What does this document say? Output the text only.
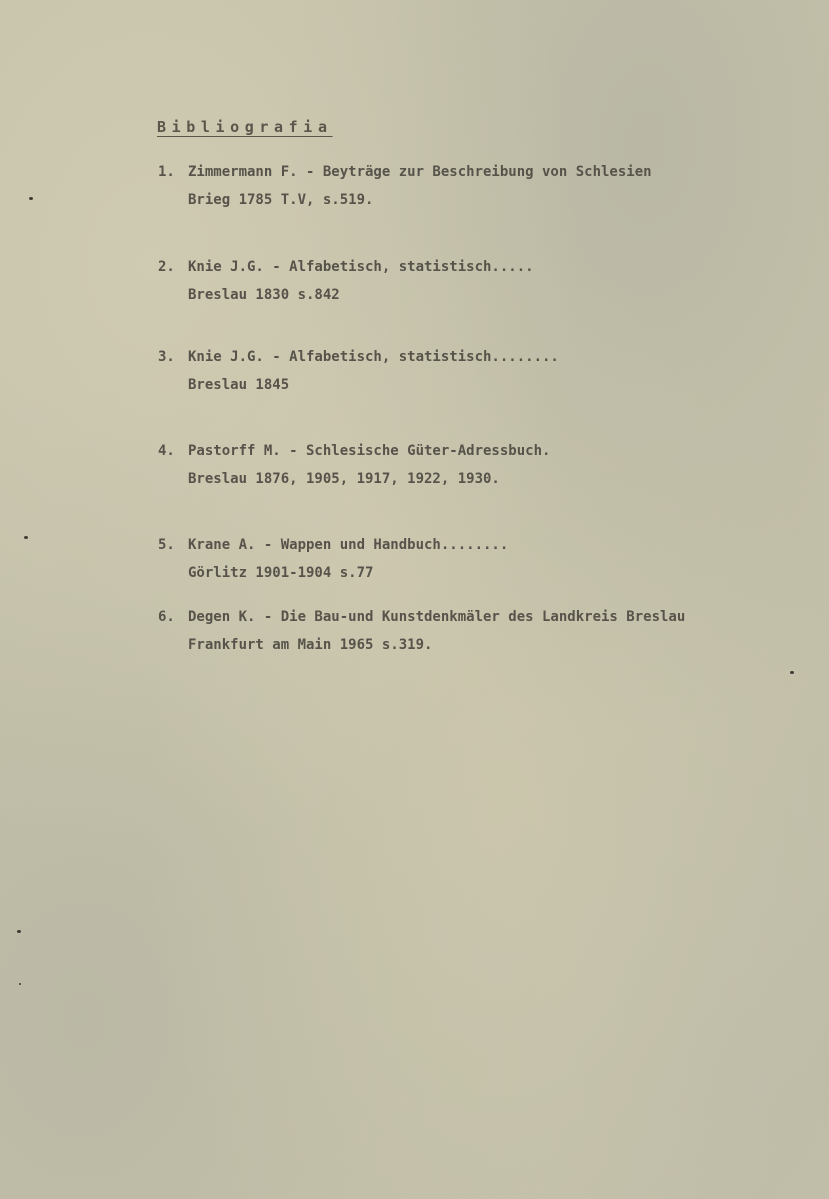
Bibliografia
1. Zimmermann F. - Beyträge zur Beschreibung von Schlesien
Brieg 1785 T.V, s.519.
2. Knie J.G. - Alfabetisch, statistisch.....
Breslau 1830 s.842
3. Knie J.G. - Alfabetisch, statistisch........
Breslau 1845
4. Pastorff M. - Schlesische Güter-Adressbuch.
Breslau 1876, 1905, 1917, 1922, 1930.
5. Krane A. - Wappen und Handbuch........
Görlitz 1901-1904 s.77
6. Degen K. - Die Bau-und Kunstdenkmäler des Landkreis Breslau
Frankfurt am Main 1965 s.319.
